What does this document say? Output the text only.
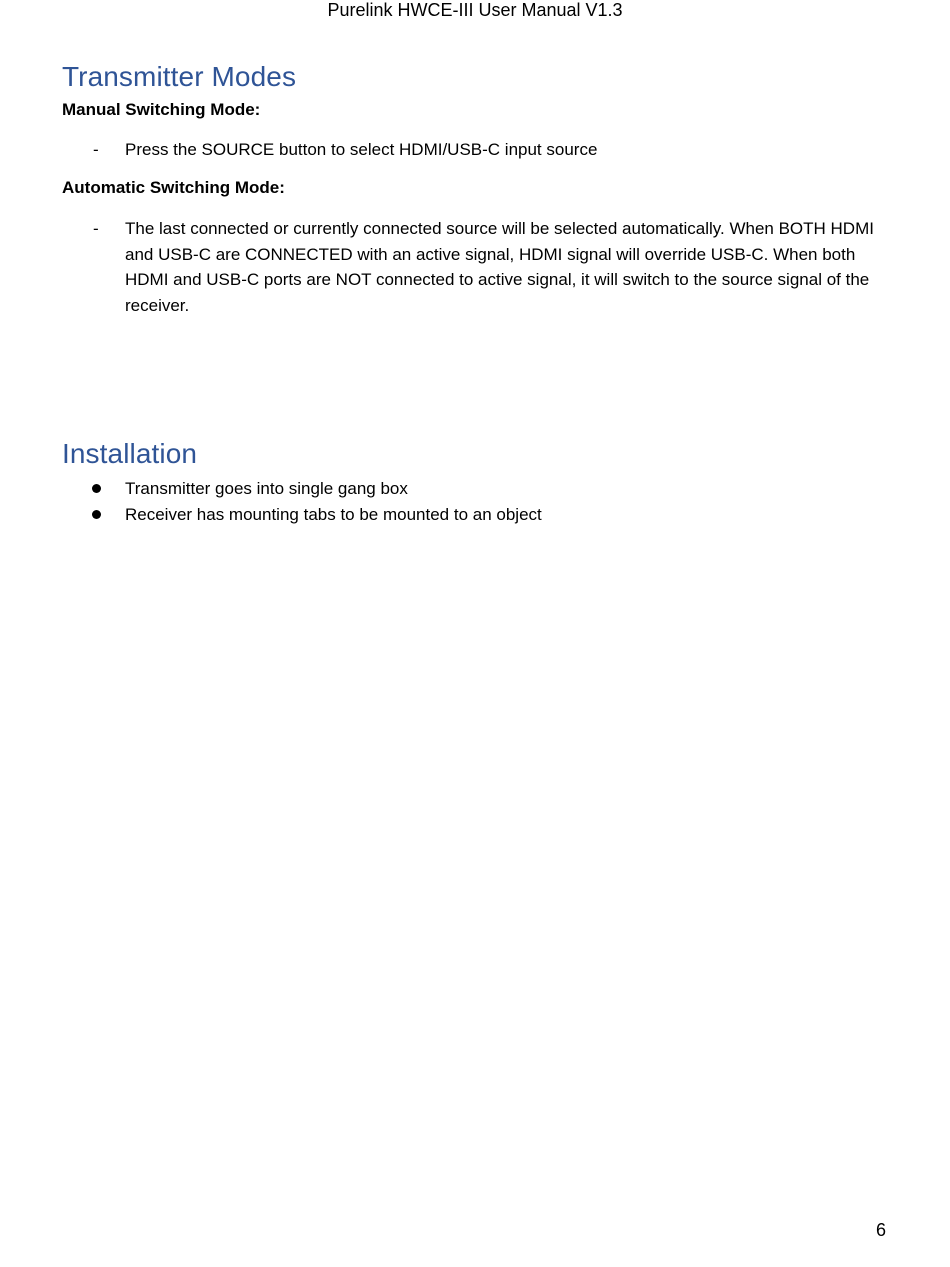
Purelink HWCE-III User Manual V1.3
Transmitter Modes
Manual Switching Mode:
-	Press the SOURCE button to select HDMI/USB-C input source
Automatic Switching Mode:
-	The last connected or currently connected source will be selected automatically. When BOTH HDMI and USB-C are CONNECTED with an active signal, HDMI signal will override USB-C. When both HDMI and USB-C ports are NOT connected to active signal, it will switch to the source signal of the receiver.
Installation
Transmitter goes into single gang box
Receiver has mounting tabs to be mounted to an object
6
